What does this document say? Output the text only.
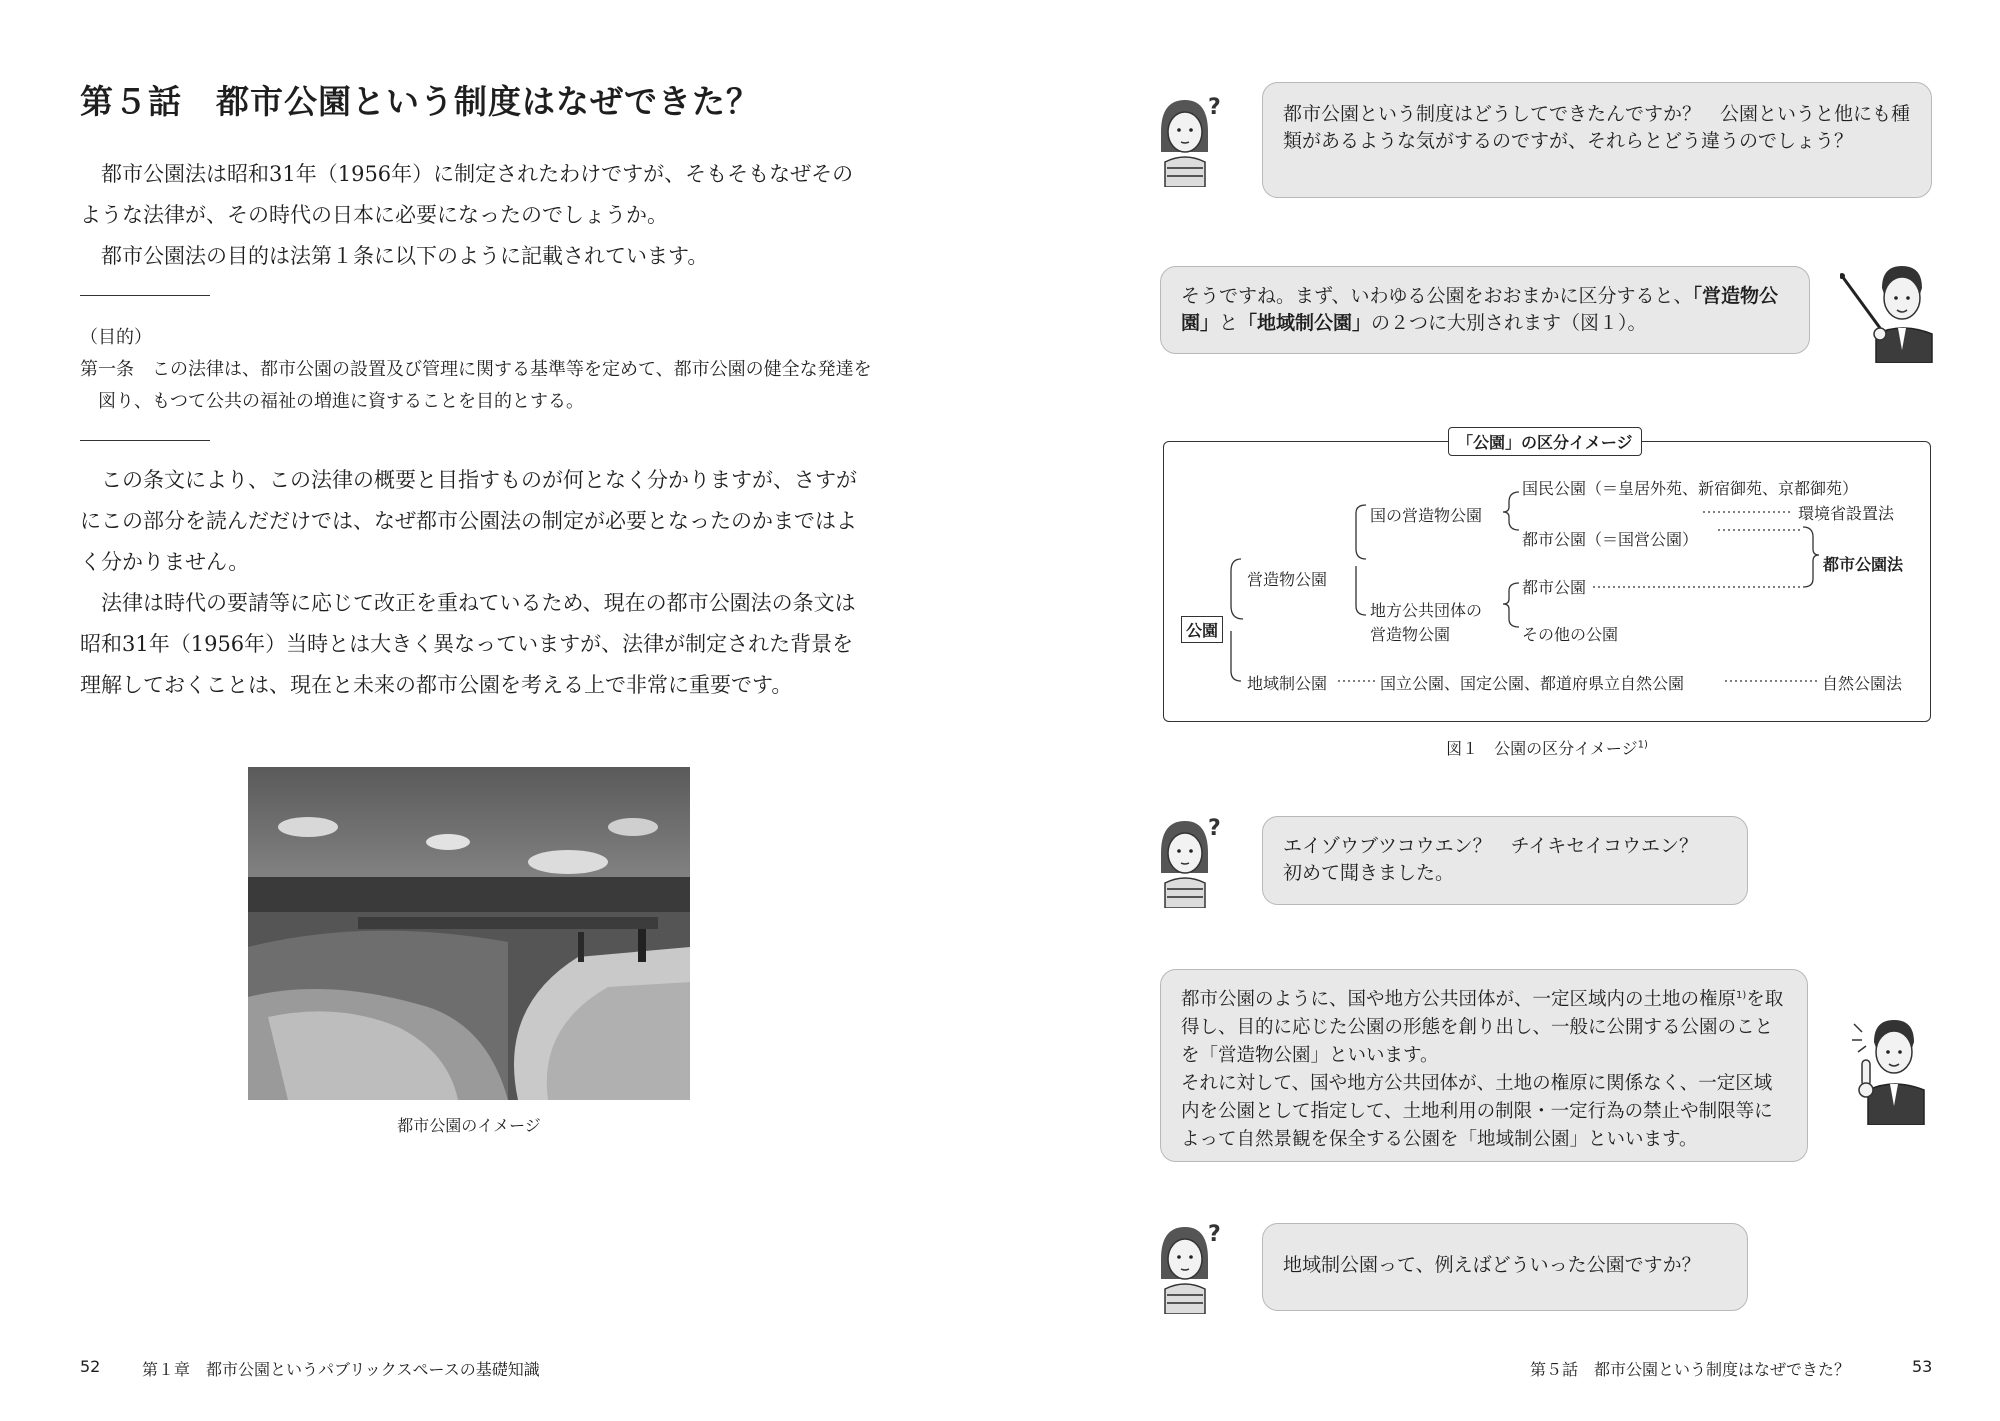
第５話　都市公園という制度はなぜできた？

都市公園法は昭和31年（1956年）に制定されたわけですが、そもそもなぜそのような法律が、その時代の日本に必要になったのでしょうか。

都市公園法の目的は法第１条に以下のように記載されています。

（目的）

第一条　この法律は、都市公園の設置及び管理に関する基準等を定めて、都市公園の健全な発達を図り、もつて公共の福祉の増進に資することを目的とする。

この条文により、この法律の概要と目指すものが何となく分かりますが、さすがにこの部分を読んだだけでは、なぜ都市公園法の制定が必要となったのかまではよく分かりません。

法律は時代の要請等に応じて改正を重ねているため、現在の都市公園法の条文は昭和31年（1956年）当時とは大きく異なっていますが、法律が制定された背景を理解しておくことは、現在と未来の都市公園を考える上で非常に重要です。

都市公園のイメージ
52	第１章　都市公園というパブリックスペースの基礎知識
?	都市公園という制度はどうしてできたんですか？　公園というと他にも種類があるような気がするのですが、それらとどう違うのでしょう？
そうですね。まず、いわゆる公園をおおまかに区分すると、「営造物公園」と「地域制公園」の２つに大別されます（図１）。
「公園」の区分イメージ
公園
営造物公園
国の営造物公園
国民公園（＝皇居外苑、新宿御苑、京都御苑）
環境省設置法
都市公園（＝国営公園）
都市公園法
地方公共団体の
営造物公園
都市公園
その他の公園
地域制公園	国立公園、国定公園、都道府県立自然公園	自然公園法
図１　公園の区分イメージ$^{1)}$
?
エイゾウブツコウエン？　チイキセイコウエン？
初めて聞きました。
都市公園のように、国や地方公共団体が、一定区域内の土地の権原$^{1)}$を取得し、目的に応じた公園の形態を創り出し、一般に公開する公園のことを「営造物公園」といいます。
それに対して、国や地方公共団体が、土地の権原に関係なく、一定区域内を公園として指定して、土地利用の制限・一定行為の禁止や制限等によって自然景観を保全する公園を「地域制公園」といいます。
?
地域制公園って、例えばどういった公園ですか？
第５話　都市公園という制度はなぜできた？	53
